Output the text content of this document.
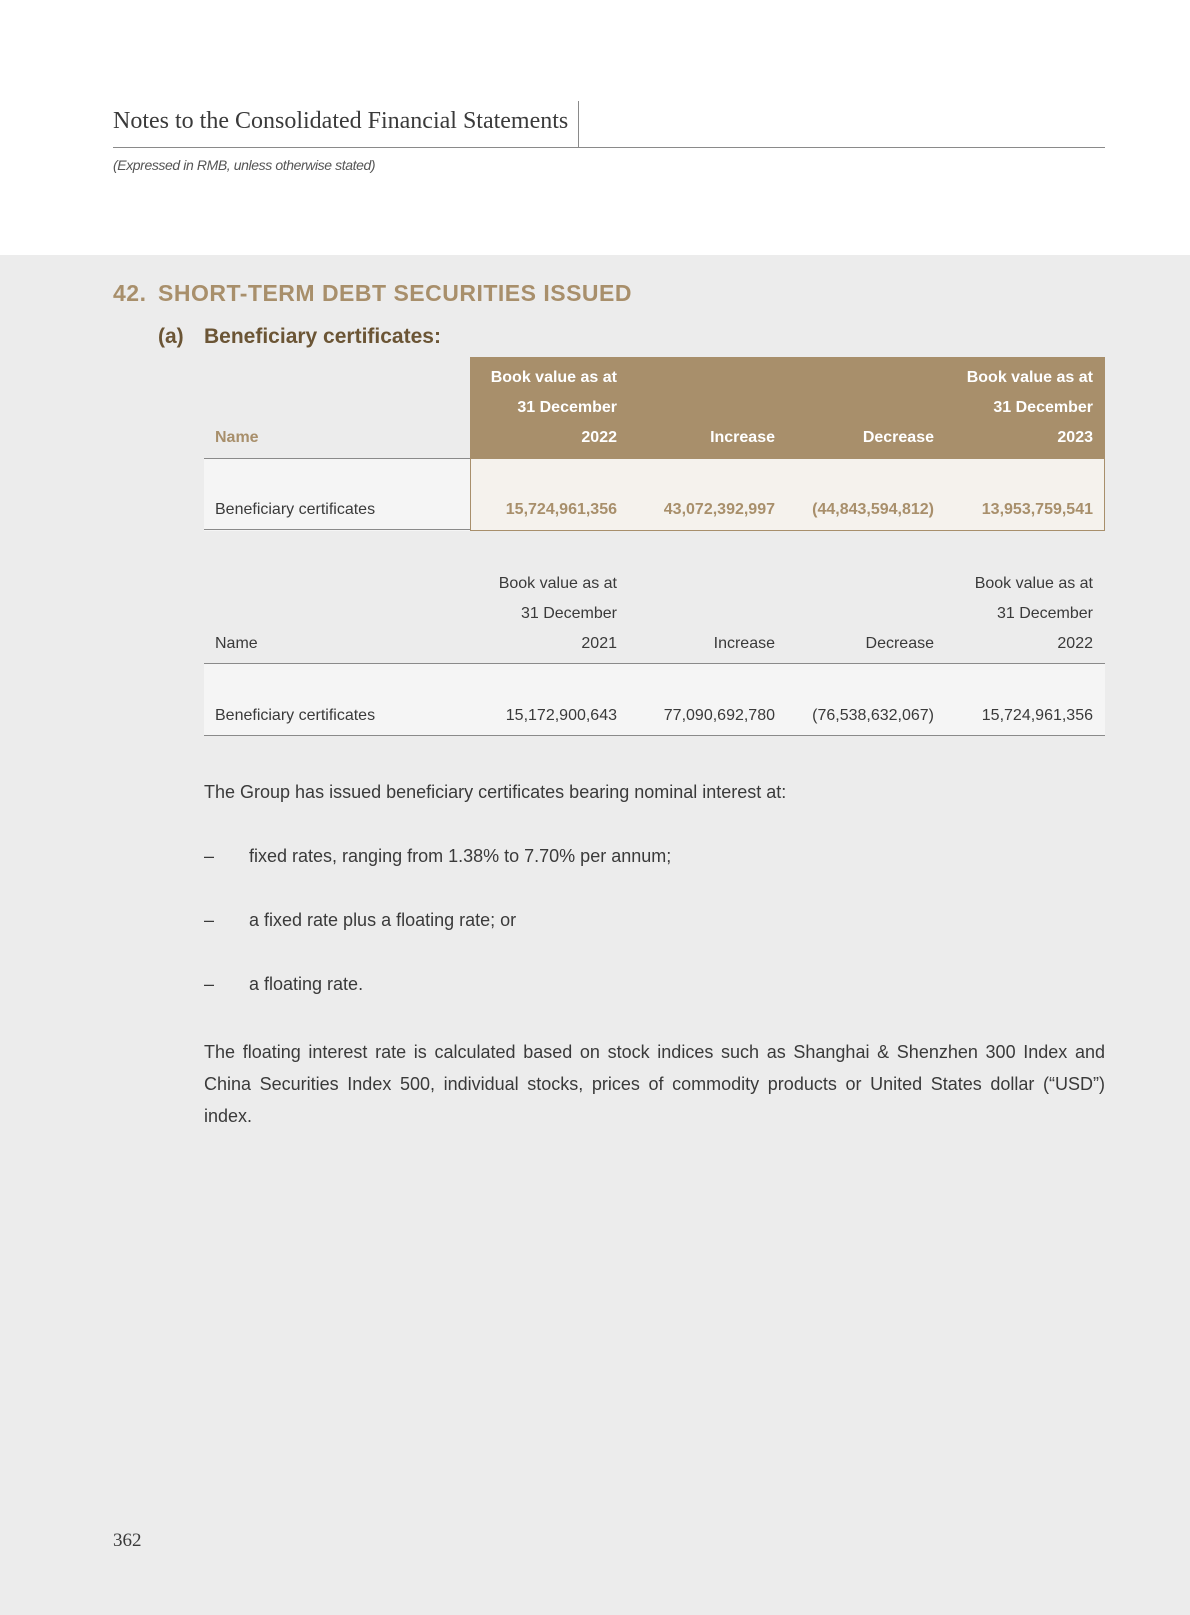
Notes to the Consolidated Financial Statements
(Expressed in RMB, unless otherwise stated)
42. SHORT-TERM DEBT SECURITIES ISSUED
(a) Beneficiary certificates:
Name
Book value as at
31 December
2022	Increase	Decrease
Book value as at
31 December
2023
Beneficiary certificates	15,724,961,356	43,072,392,997 (44,843,594,812)	13,953,759,541
Name
Book value as at
31 December
2021	Increase	Decrease
Book value as at
31 December
2022
Beneficiary certificates	15,172,900,643	77,090,692,780 (76,538,632,067)	15,724,961,356
The Group has issued beneficiary certificates bearing nominal interest at:
– fixed rates, ranging from 1.38% to 7.70% per annum;
– a fixed rate plus a floating rate; or
– a floating rate.
The floating interest rate is calculated based on stock indices such as Shanghai & Shenzhen 300 Index and China Securities Index 500, individual stocks, prices of commodity products or United States dollar (“USD”) index.
362
